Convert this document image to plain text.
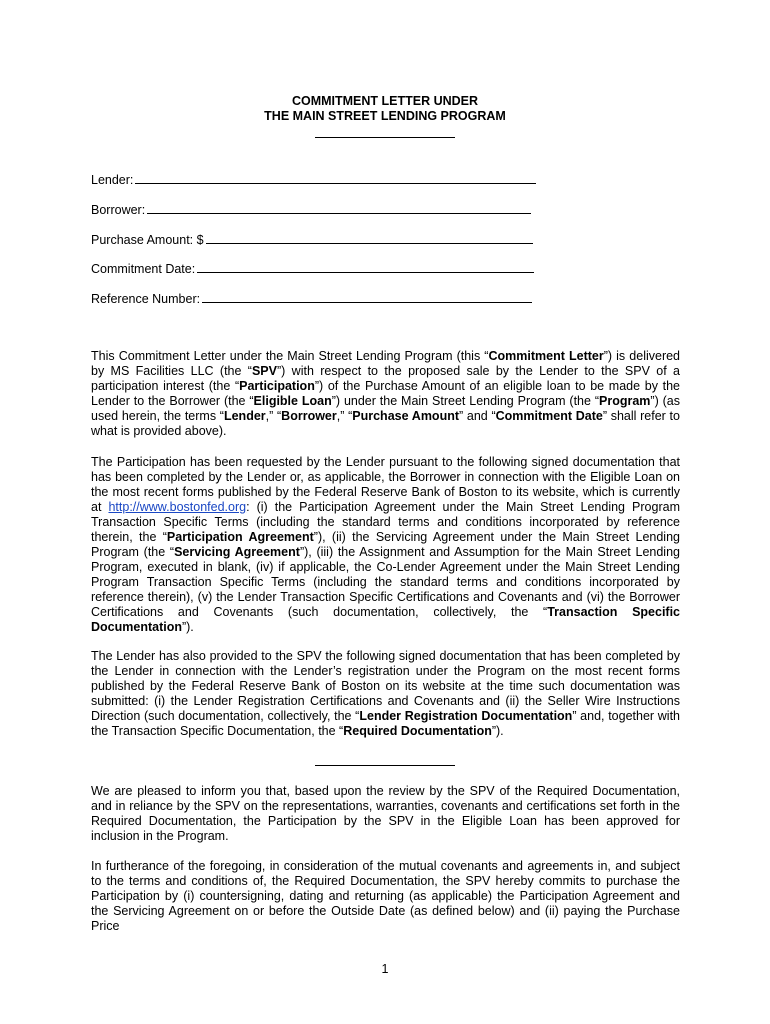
COMMITMENT LETTER UNDER
THE MAIN STREET LENDING PROGRAM
Lender:
Borrower:
Purchase Amount: $
Commitment Date:
Reference Number:

This Commitment Letter under the Main Street Lending Program (this “Commitment Letter”) is delivered by MS Facilities LLC (the “SPV”) with respect to the proposed sale by the Lender to the SPV of a participation interest (the “Participation”) of the Purchase Amount of an eligible loan to be made by the Lender to the Borrower (the “Eligible Loan”) under the Main Street Lending Program (the “Program”) (as used herein, the terms “Lender,” “Borrower,” “Purchase Amount” and “Commitment Date” shall refer to what is provided above).

The Participation has been requested by the Lender pursuant to the following signed documentation that has been completed by the Lender or, as applicable, the Borrower in connection with the Eligible Loan on the most recent forms published by the Federal Reserve Bank of Boston to its website, which is currently at http://www.bostonfed.org: (i) the Participation Agreement under the Main Street Lending Program Transaction Specific Terms (including the standard terms and conditions incorporated by reference therein, the “Participation Agreement”), (ii) the Servicing Agreement under the Main Street Lending Program (the “Servicing Agreement”), (iii) the Assignment and Assumption for the Main Street Lending Program, executed in blank, (iv) if applicable, the Co-Lender Agreement under the Main Street Lending Program Transaction Specific Terms (including the standard terms and conditions incorporated by reference therein), (v) the Lender Transaction Specific Certifications and Covenants and (vi) the Borrower Certifications and Covenants (such documentation, collectively, the “Transaction Specific Documentation”).

The Lender has also provided to the SPV the following signed documentation that has been completed by the Lender in connection with the Lender’s registration under the Program on the most recent forms published by the Federal Reserve Bank of Boston on its website at the time such documentation was submitted: (i) the Lender Registration Certifications and Covenants and (ii) the Seller Wire Instructions Direction (such documentation, collectively, the “Lender Registration Documentation” and, together with the Transaction Specific Documentation, the “Required Documentation”).

We are pleased to inform you that, based upon the review by the SPV of the Required Documentation, and in reliance by the SPV on the representations, warranties, covenants and certifications set forth in the Required Documentation, the Participation by the SPV in the Eligible Loan has been approved for inclusion in the Program.

In furtherance of the foregoing, in consideration of the mutual covenants and agreements in, and subject to the terms and conditions of, the Required Documentation, the SPV hereby commits to purchase the Participation by (i) countersigning, dating and returning (as applicable) the Participation Agreement and the Servicing Agreement on or before the Outside Date (as defined below) and (ii) paying the Purchase Price

1
